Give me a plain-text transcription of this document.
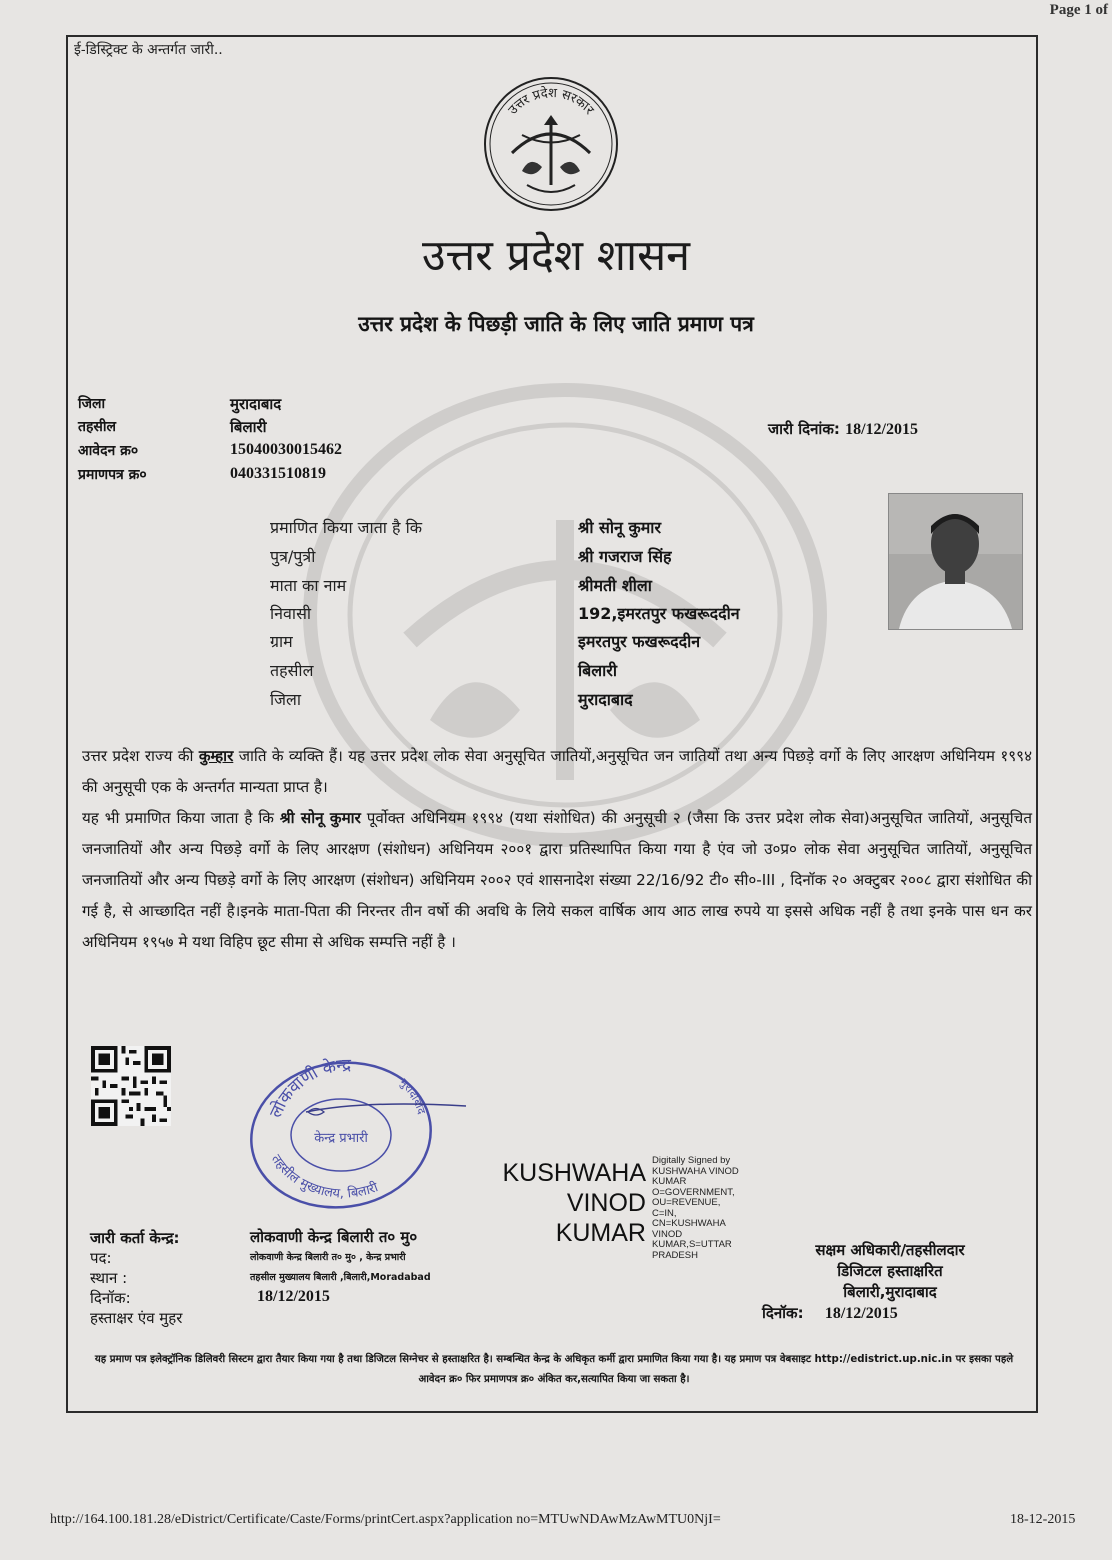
Page 1 of
ई-डिस्ट्रिक्ट के अन्तर्गत जारी..
उत्तर प्रदेश सरकार
उत्तर प्रदेश शासन
उत्तर प्रदेश के पिछड़ी जाति के लिए जाति प्रमाण पत्र
जिला	मुरादाबाद
तहसील	बिलारी
आवेदन क्र०	15040030015462
प्रमाणपत्र क्र०	040331510819
जारी दिनांक: 18/12/2015
प्रमाणित किया जाता है कि	श्री सोनू कुमार
पुत्र/पुत्री	श्री गजराज सिंह
माता का नाम	श्रीमती शीला
निवासी	192,इमरतपुर फखरूददीन
ग्राम	इमरतपुर फखरूददीन
तहसील	बिलारी
जिला	मुरादाबाद
उत्तर प्रदेश राज्य की कुम्हार जाति के व्यक्ति हैं। यह उत्तर प्रदेश लोक सेवा अनुसूचित जातियों,अनुसूचित जन जातियों तथा अन्य पिछड़े वर्गो के लिए आरक्षण अधिनियम १९९४ की अनुसूची एक के अन्तर्गत मान्यता प्राप्त है।
यह भी प्रमाणित किया जाता है कि श्री सोनू कुमार पूर्वोक्त अधिनियम १९९४ (यथा संशोधित) की अनुसूची २ (जैसा कि उत्तर प्रदेश लोक सेवा)अनुसूचित जातियों, अनुसूचित जनजातियों और अन्य पिछड़े वर्गो के लिए आरक्षण (संशोधन) अधिनियम २००१ द्वारा प्रतिस्थापित किया गया है एंव जो उ०प्र० लोक सेवा अनुसूचित जातियों, अनुसूचित जनजातियों और अन्य पिछड़े वर्गो के लिए आरक्षण (संशोधन) अधिनियम २००२ एवं शासनादेश संख्या 22/16/92 टी० सी०-III , दिनॉक २० अक्टुबर २००८ द्वारा संशोधित की गई है, से आच्छादित नहीं है।इनके माता-पिता की निरन्तर तीन वर्षो की अवधि के लिये सकल वार्षिक आय आठ लाख रुपये या इससे अधिक नहीं है तथा इनके पास धन कर अधिनियम १९५७ मे यथा विहिप छूट सीमा से अधिक सम्पत्ति नहीं है ।
लोकवाणी केन्द्र
तहसील मुख्यालय, बिलारी
मुरादाबाद
केन्द्र प्रभारी
KUSHWAHA
VINOD
KUMAR
Digitally Signed by
KUSHWAHA VINOD
KUMAR
O=GOVERNMENT,
OU=REVENUE,
C=IN,
CN=KUSHWAHA
VINOD
KUMAR,S=UTTAR
PRADESH
जारी कर्ता केन्द्र:	लोकवाणी केन्द्र बिलारी त० मु०
पद:	लोकवाणी केन्द्र बिलारी त० मु० , केन्द्र प्रभारी
स्थान :	तहसील मुख्यालय बिलारी ,बिलारी,Moradabad
दिनॉक:	18/12/2015
हस्ताक्षर एंव मुहर
सक्षम अधिकारी/तहसीलदार
डिजिटल हस्ताक्षरित
बिलारी,मुरादाबाद
दिनॉक: 18/12/2015
यह प्रमाण पत्र इलेक्ट्रॉनिक डिलिवरी सिस्टम द्वारा तैयार किया गया है तथा डिजिटल सिग्नेचर से हस्ताक्षरित है। सम्बन्धित केन्द्र के अधिकृत कर्मी द्वारा प्रमाणित किया गया है। यह प्रमाण पत्र वेबसाइट http://edistrict.up.nic.in पर इसका पहले आवेदन क्र० फिर प्रमाणपत्र क्र० अंकित कर,सत्यापित किया जा सकता है।
http://164.100.181.28/eDistrict/Certificate/Caste/Forms/printCert.aspx?application no=MTUwNDAwMzAwMTU0NjI=	18-12-2015
